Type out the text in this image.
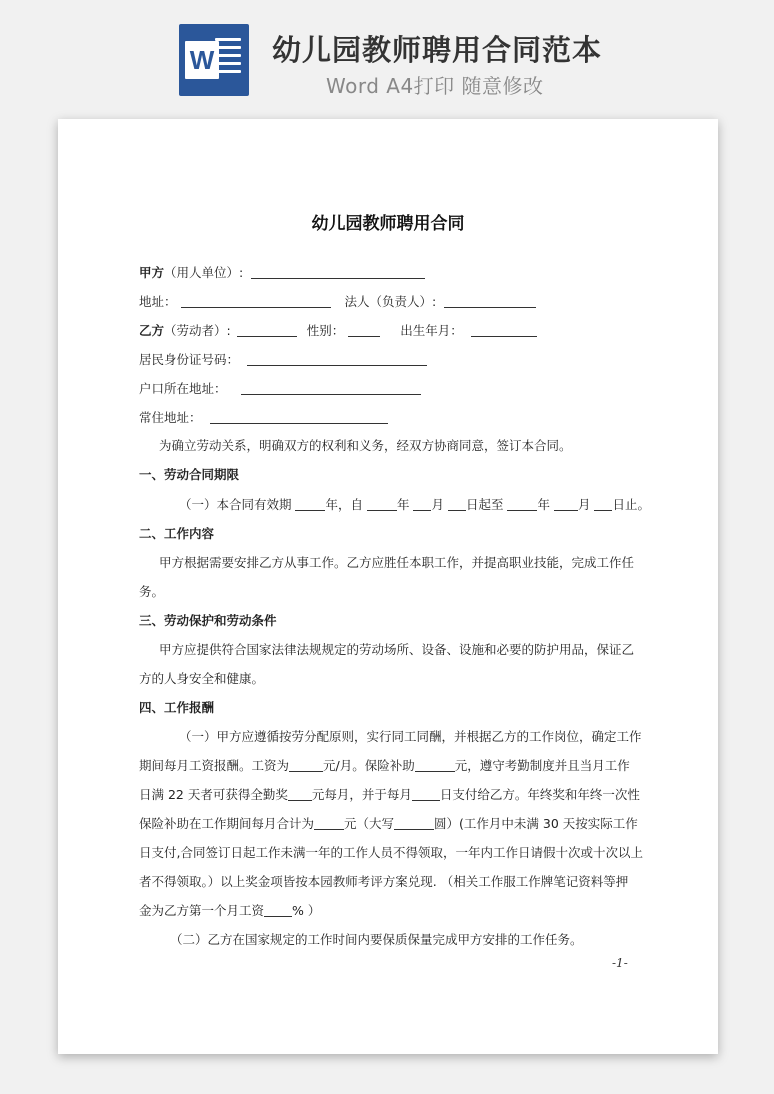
W 幼儿园教师聘用合同范本
Word A4打印 随意修改
幼儿园教师聘用合同
甲方（用人单位）:
地址：	法人（负责人）:
乙方（劳动者）:	性别：	出生年月：
居民身份证号码：
户口所在地址：
常住地址：
为确立劳动关系，明确双方的权利和义务，经双方协商同意，签订本合同。
一、劳动合同期限
（一）本合同有效期 年，自	年 月 日起至	年 月 日止。
二、工作内容
甲方根据需要安排乙方从事工作。乙方应胜任本职工作，并提高职业技能，完成工作任
务。
三、劳动保护和劳动条件
甲方应提供符合国家法律法规规定的劳动场所、设备、设施和必要的防护用品，保证乙
方的人身安全和健康。
四、工作报酬
（一）甲方应遵循按劳分配原则，实行同工同酬，并根据乙方的工作岗位，确定工作
期间每月工资报酬。工资为	元/月。保险补助	元，遵守考勤制度并且当月工作
日满 22 天者可获得全勤奖 元每月，并于每月 日支付给乙方。年终奖和年终一次性
保险补助在工作期间每月合计为 元（大写	圆）(工作月中未满 30 天按实际工作
日支付,合同签订日起工作未满一年的工作人员不得领取，一年内工作日请假十次或十次以上
者不得领取。）以上奖金项皆按本园教师考评方案兑现. （相关工作服工作牌笔记资料等押
金为乙方第一个月工资 % ）
（二）乙方在国家规定的工作时间内要保质保量完成甲方安排的工作任务。
-1-
